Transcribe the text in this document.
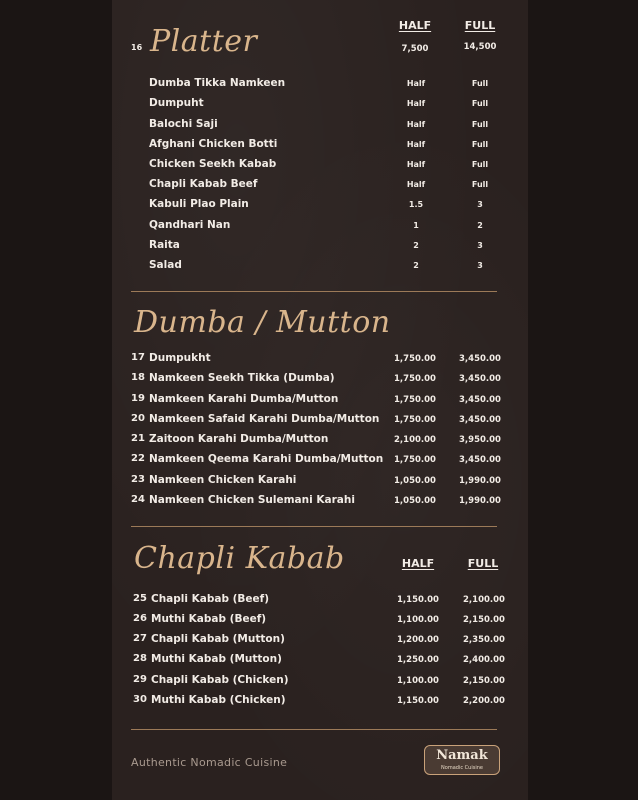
16 Platter	HALF	FULL
7,500	14,500
Dumba Tikka Namkeen	Half	Full
Dumpuht	Half	Full
Balochi Saji	Half	Full
Afghani Chicken Botti	Half	Full
Chicken Seekh Kabab	Half	Full
Chapli Kabab Beef	Half	Full
Kabuli Plao Plain	1.5	3
Qandhari Nan	1	2
Raita	2	3
Salad	2	3
Dumba / Mutton
17 Dumpukht	1,750.00	3,450.00
18 Namkeen Seekh Tikka (Dumba)	1,750.00	3,450.00
19 Namkeen Karahi Dumba/Mutton	1,750.00	3,450.00
20 Namkeen Safaid Karahi Dumba/Mutton	1,750.00	3,450.00
21 Zaitoon Karahi Dumba/Mutton	2,100.00	3,950.00
22 Namkeen Qeema Karahi Dumba/Mutton	1,750.00	3,450.00
23 Namkeen Chicken Karahi	1,050.00	1,990.00
24 Namkeen Chicken Sulemani Karahi	1,050.00	1,990.00
Chapli Kabab	HALF	FULL
25 Chapli Kabab (Beef)	1,150.00	2,100.00
26 Muthi Kabab (Beef)	1,100.00	2,150.00
27 Chapli Kabab (Mutton)	1,200.00	2,350.00
28 Muthi Kabab (Mutton)	1,250.00	2,400.00
29 Chapli Kabab (Chicken)	1,100.00	2,150.00
30 Muthi Kabab (Chicken)	1,150.00	2,200.00
Authentic Nomadic Cuisine	Namak
Nomadic Cuisine
